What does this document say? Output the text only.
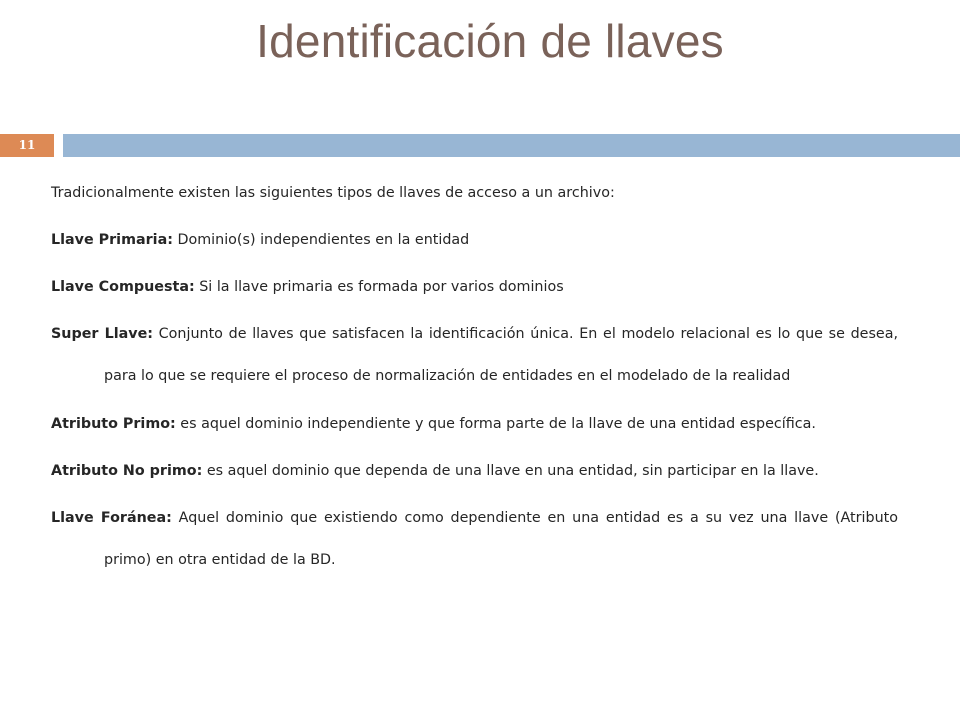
Identificación de llaves
11

Tradicionalmente existen las siguientes tipos de llaves de acceso a un archivo:

Llave Primaria: Dominio(s) independientes en la entidad

Llave Compuesta: Si la llave primaria es formada por varios dominios

Super Llave: Conjunto de llaves que satisfacen la identificación única. En el modelo relacional es lo que se desea, para lo que se requiere el proceso de normalización de entidades en el modelado de la realidad

Atributo Primo: es aquel dominio independiente y que forma parte de la llave de una entidad específica.

Atributo No primo: es aquel dominio que dependa de una llave en una entidad, sin participar en la llave.

Llave Foránea: Aquel dominio que existiendo como dependiente en una entidad es a su vez una llave (Atributo primo) en otra entidad de la BD.
